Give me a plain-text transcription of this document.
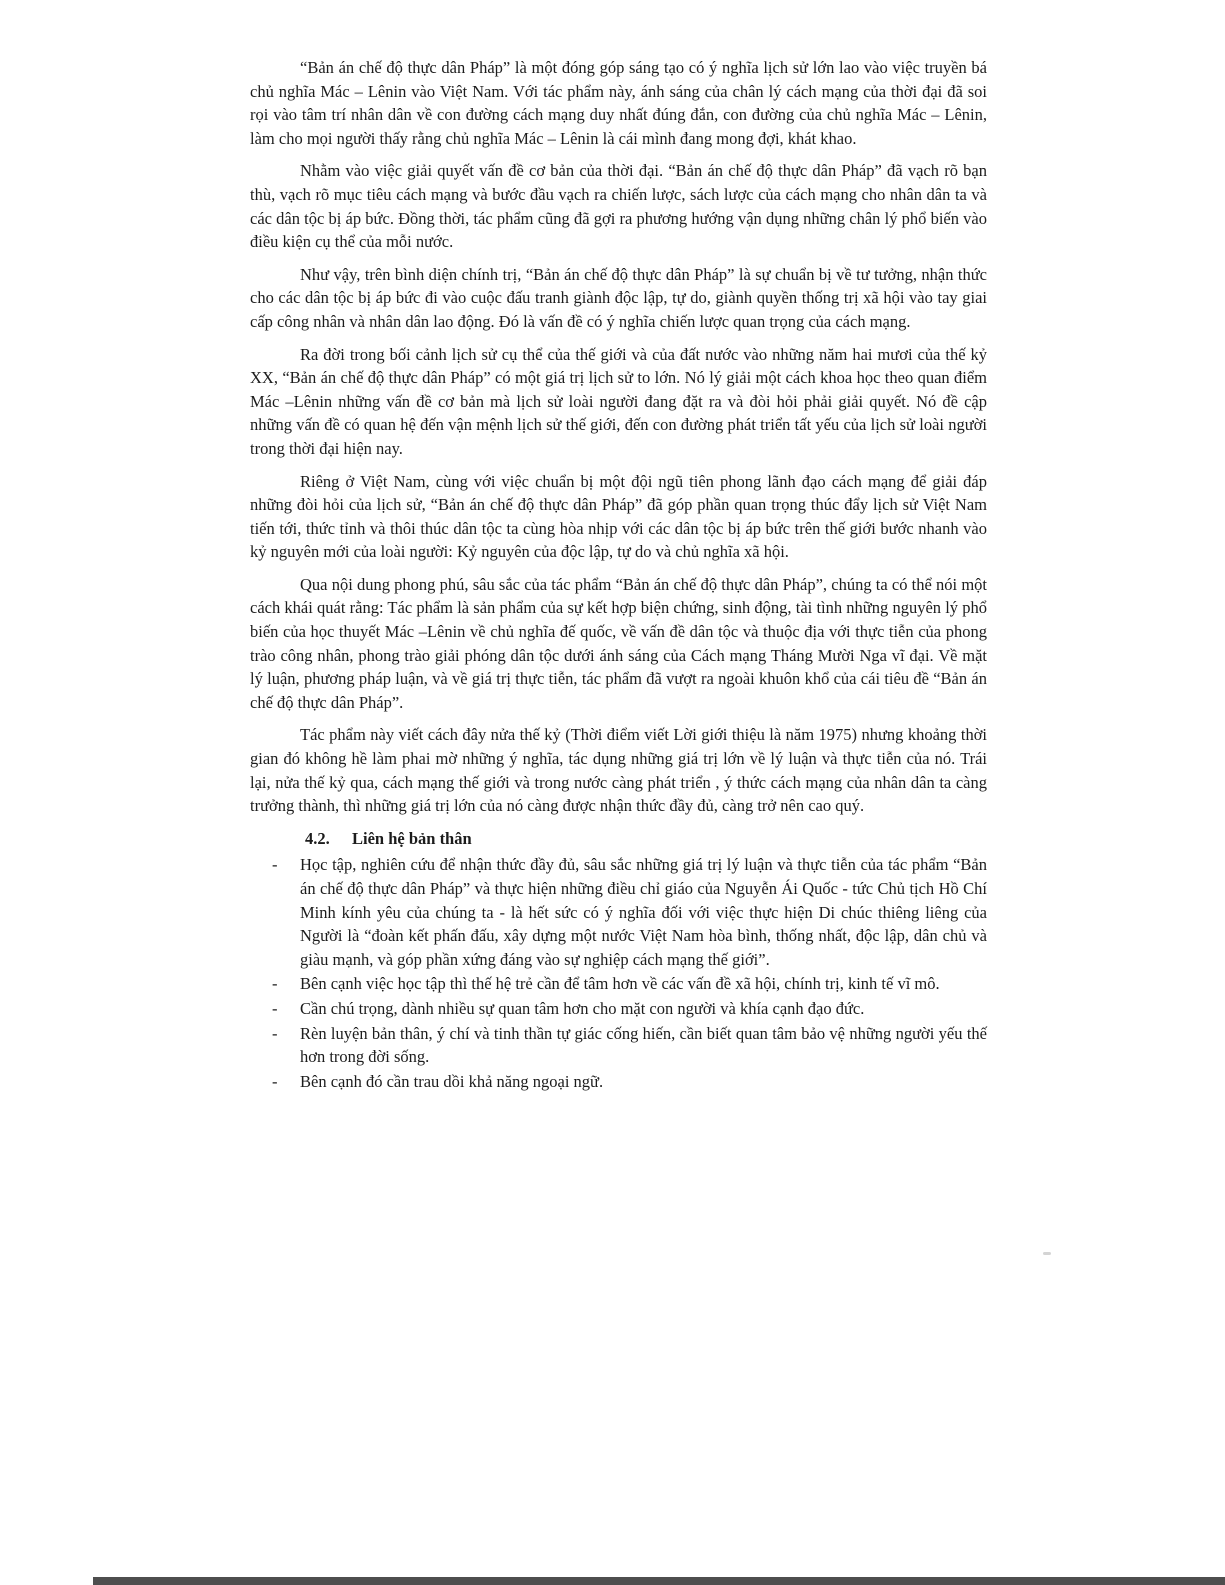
“Bản án chế độ thực dân Pháp” là một đóng góp sáng tạo có ý nghĩa lịch sử lớn lao vào việc truyền bá chủ nghĩa Mác – Lênin vào Việt Nam. Với tác phẩm này, ánh sáng của chân lý cách mạng của thời đại đã soi rọi vào tâm trí nhân dân về con đường cách mạng duy nhất đúng đắn, con đường của chủ nghĩa Mác – Lênin, làm cho mọi người thấy rằng chủ nghĩa Mác – Lênin là cái mình đang mong đợi, khát khao.

Nhằm vào việc giải quyết vấn đề cơ bản của thời đại. “Bản án chế độ thực dân Pháp” đã vạch rõ bạn thù, vạch rõ mục tiêu cách mạng và bước đầu vạch ra chiến lược, sách lược của cách mạng cho nhân dân ta và các dân tộc bị áp bức. Đồng thời, tác phẩm cũng đã gợi ra phương hướng vận dụng những chân lý phổ biến vào điều kiện cụ thể của mỗi nước.

Như vậy, trên bình diện chính trị, “Bản án chế độ thực dân Pháp” là sự chuẩn bị về tư tưởng, nhận thức cho các dân tộc bị áp bức đi vào cuộc đấu tranh giành độc lập, tự do, giành quyền thống trị xã hội vào tay giai cấp công nhân và nhân dân lao động. Đó là vấn đề có ý nghĩa chiến lược quan trọng của cách mạng.

Ra đời trong bối cảnh lịch sử cụ thể của thế giới và của đất nước vào những năm hai mươi của thế kỷ XX, “Bản án chế độ thực dân Pháp” có một giá trị lịch sử to lớn. Nó lý giải một cách khoa học theo quan điểm Mác –Lênin những vấn đề cơ bản mà lịch sử loài người đang đặt ra và đòi hỏi phải giải quyết. Nó đề cập những vấn đề có quan hệ đến vận mệnh lịch sử thế giới, đến con đường phát triển tất yếu của lịch sử loài người trong thời đại hiện nay.

Riêng ở Việt Nam, cùng với việc chuẩn bị một đội ngũ tiên phong lãnh đạo cách mạng để giải đáp những đòi hỏi của lịch sử, “Bản án chế độ thực dân Pháp” đã góp phần quan trọng thúc đẩy lịch sử Việt Nam tiến tới, thức tỉnh và thôi thúc dân tộc ta cùng hòa nhịp với các dân tộc bị áp bức trên thế giới bước nhanh vào kỷ nguyên mới của loài người: Kỷ nguyên của độc lập, tự do và chủ nghĩa xã hội.

Qua nội dung phong phú, sâu sắc của tác phẩm “Bản án chế độ thực dân Pháp”, chúng ta có thể nói một cách khái quát rằng: Tác phẩm là sản phẩm của sự kết hợp biện chứng, sinh động, tài tình những nguyên lý phổ biến của học thuyết Mác –Lênin về chủ nghĩa đế quốc, về vấn đề dân tộc và thuộc địa với thực tiễn của phong trào công nhân, phong trào giải phóng dân tộc dưới ánh sáng của Cách mạng Tháng Mười Nga vĩ đại. Về mặt lý luận, phương pháp luận, và về giá trị thực tiễn, tác phẩm đã vượt ra ngoài khuôn khổ của cái tiêu đề “Bản án chế độ thực dân Pháp”.

Tác phẩm này viết cách đây nửa thế kỷ (Thời điểm viết Lời giới thiệu là năm 1975) nhưng khoảng thời gian đó không hề làm phai mờ những ý nghĩa, tác dụng những giá trị lớn về lý luận và thực tiễn của nó. Trái lại, nửa thế kỷ qua, cách mạng thế giới và trong nước càng phát triển , ý thức cách mạng của nhân dân ta càng trưởng thành, thì những giá trị lớn của nó càng được nhận thức đầy đủ, càng trở nên cao quý.

4.2. Liên hệ bản thân
- Học tập, nghiên cứu để nhận thức đầy đủ, sâu sắc những giá trị lý luận và thực tiễn của tác phẩm “Bản án chế độ thực dân Pháp” và thực hiện những điều chỉ giáo của Nguyễn Ái Quốc - tức Chủ tịch Hồ Chí Minh kính yêu của chúng ta - là hết sức có ý nghĩa đối với việc thực hiện Di chúc thiêng liêng của Người là “đoàn kết phấn đấu, xây dựng một nước Việt Nam hòa bình, thống nhất, độc lập, dân chủ và giàu mạnh, và góp phần xứng đáng vào sự nghiệp cách mạng thế giới”.
- Bên cạnh việc học tập thì thế hệ trẻ cần để tâm hơn về các vấn đề xã hội, chính trị, kinh tế vĩ mô.
- Cần chú trọng, dành nhiều sự quan tâm hơn cho mặt con người và khía cạnh đạo đức.
- Rèn luyện bản thân, ý chí và tinh thần tự giác cống hiến, cần biết quan tâm bảo vệ những người yếu thế hơn trong đời sống.
- Bên cạnh đó cần trau dồi khả năng ngoại ngữ.
